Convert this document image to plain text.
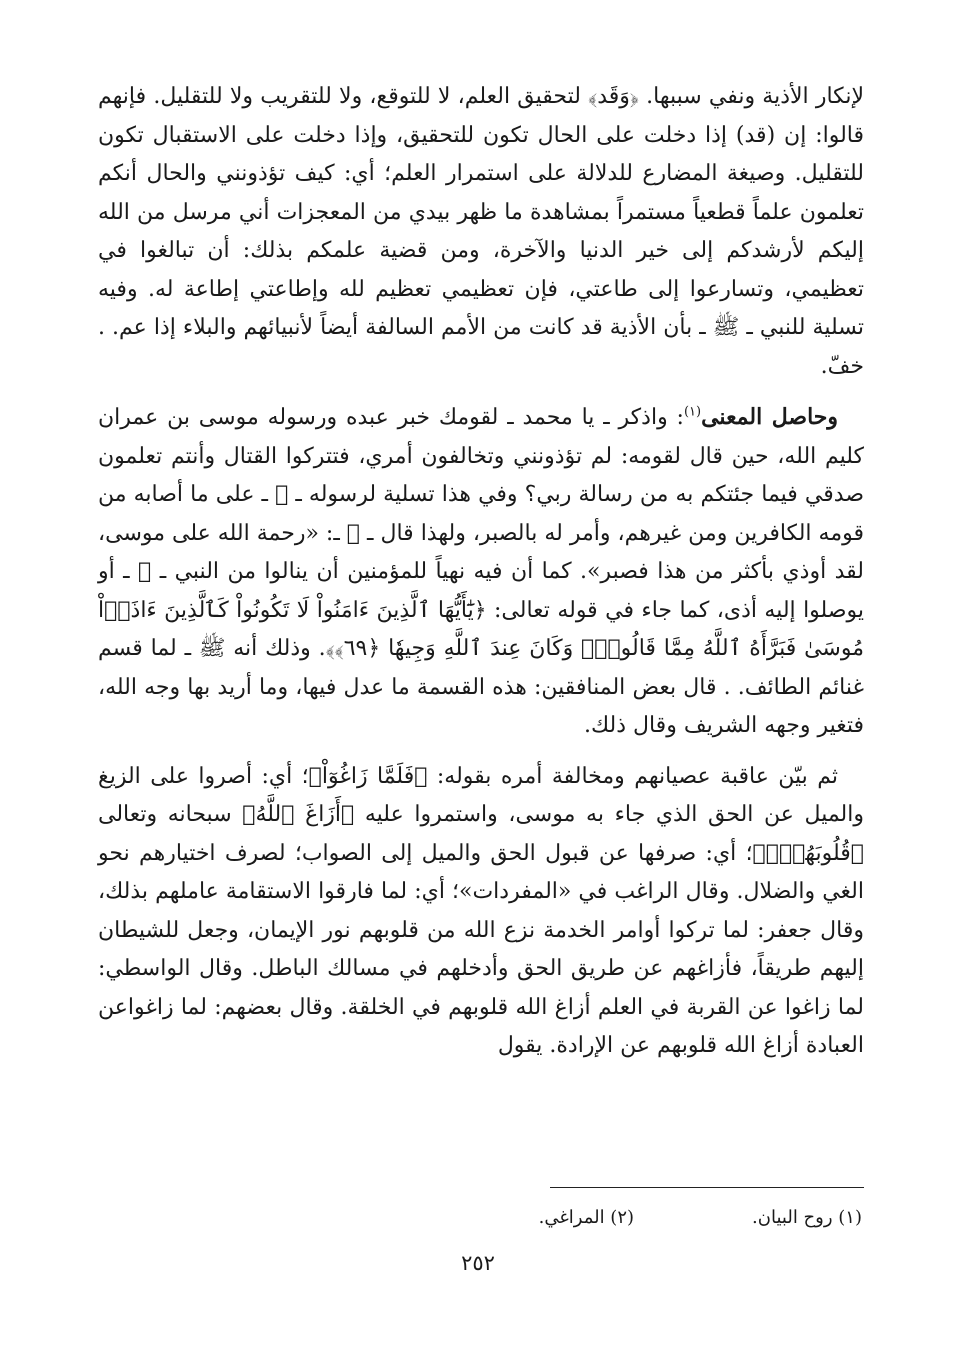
لإنكار الأذية ونفي سببها. ﴿وَقَد﴾ لتحقيق العلم، لا للتوقع، ولا للتقريب ولا للتقليل. فإنهم قالوا: إن (قد) إذا دخلت على الحال تكون للتحقيق، وإذا دخلت على الاستقبال تكون للتقليل. وصيغة المضارع للدلالة على استمرار العلم؛ أي: كيف تؤذونني والحال أنكم تعلمون علماً قطعياً مستمراً بمشاهدة ما ظهر بيدي من المعجزات أني مرسل من الله إليكم لأرشدكم إلى خير الدنيا والآخرة، ومن قضية علمكم بذلك: أن تبالغوا في تعظيمي، وتسارعوا إلى طاعتي، فإن تعظيمي تعظيم لله وإطاعتي إطاعة له. وفيه تسلية للنبي ـ ﷺ ـ بأن الأذية قد كانت من الأمم السالفة أيضاً لأنبيائهم والبلاء إذا عم. . خفّ.

وحاصل المعنى$^{(١)}$: واذكر ـ يا محمد ـ لقومك خبر عبده ورسوله موسى بن عمران كليم الله، حين قال لقومه: لم تؤذونني وتخالفون أمري، فتتركوا القتال وأنتم تعلمون صدقي فيما جئتكم به من رسالة ربي؟ وفي هذا تسلية لرسوله ـ ﷺ ـ على ما أصابه من قومه الكافرين ومن غيرهم، وأمر له بالصبر، ولهذا قال ـ ﷺ ـ: «رحمة الله على موسى، لقد أوذي بأكثر من هذا فصبر». كما أن فيه نهياً للمؤمنين أن ينالوا من النبي ـ ﷺ ـ أو يوصلوا إليه أذى، كما جاء في قوله تعالى: ﴿يَٰٓأَيُّهَا ٱلَّذِينَ ءَامَنُواْ لَا تَكُونُواْ كَٱلَّذِينَ ءَاذَوۡاْ مُوسَىٰ فَبَرَّأَهُ ٱللَّهُ مِمَّا قَالُواْۚ وَكَانَ عِندَ ٱللَّهِ وَجِيهٗا ﴿٦٩﴾﴾. وذلك أنه ﷺ ـ لما قسم غنائم الطائف. . قال بعض المنافقين: هذه القسمة ما عدل فيها، وما أريد بها وجه الله، فتغير وجهه الشريف وقال ذلك.

ثم بيّن عاقبة عصيانهم ومخالفة أمره بقوله: ﴿فَلَمَّا زَاغُوٓاْ﴾؛ أي: أصروا على الزيغ والميل عن الحق الذي جاء به موسى، واستمروا عليه ﴿أَزَاغَ ٱللَّهُ﴾ سبحانه وتعالى ﴿قُلُوبَهُمۡۚ﴾؛ أي: صرفها عن قبول الحق والميل إلى الصواب؛ لصرف اختيارهم نحو الغي والضلال. وقال الراغب في «المفردات»؛ أي: لما فارقوا الاستقامة عاملهم بذلك، وقال جعفر: لما تركوا أوامر الخدمة نزع الله من قلوبهم نور الإيمان، وجعل للشيطان إليهم طريقاً، فأزاغهم عن طريق الحق وأدخلهم في مسالك الباطل. وقال الواسطي: لما زاغوا عن القربة في العلم أزاغ الله قلوبهم في الخلقة. وقال بعضهم: لما زاغواعن العبادة أزاغ الله قلوبهم عن الإرادة. يقول

(١) روح البيان.(٢) المراغي.
٢٥٢
